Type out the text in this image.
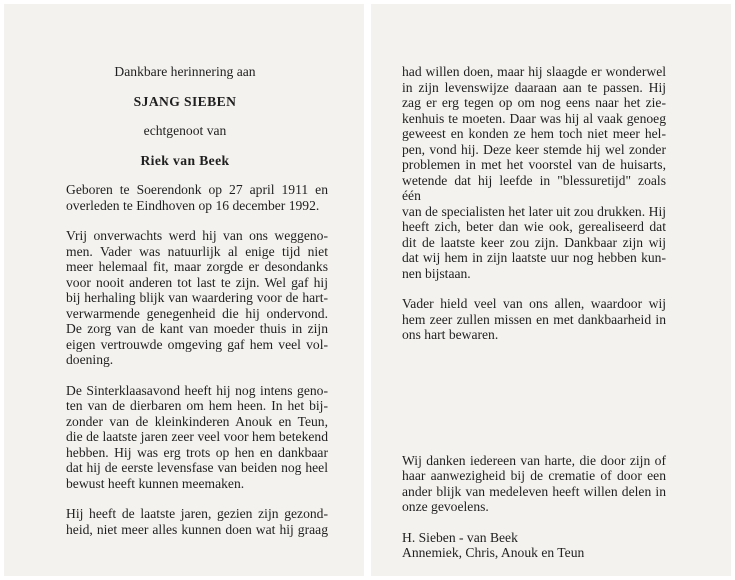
Dankbare herinnering aan
SJANG SIEBEN
echtgenoot van
Riek van Beek
Geboren te Soerendonk op 27 april 1911 en
overleden te Eindhoven op 16 december 1992.
Vrij onverwachts werd hij van ons weggeno-
men. Vader was natuurlijk al enige tijd niet
meer helemaal fit, maar zorgde er desondanks
voor nooit anderen tot last te zijn. Wel gaf hij
bij herhaling blijk van waardering voor de hart-
verwarmende genegenheid die hij ondervond.
De zorg van de kant van moeder thuis in zijn
eigen vertrouwde omgeving gaf hem veel vol-
doening.
De Sinterklaasavond heeft hij nog intens geno-
ten van de dierbaren om hem heen. In het bij-
zonder van de kleinkinderen Anouk en Teun,
die de laatste jaren zeer veel voor hem betekend
hebben. Hij was erg trots op hen en dankbaar
dat hij de eerste levensfase van beiden nog heel
bewust heeft kunnen meemaken.
Hij heeft de laatste jaren, gezien zijn gezond-
heid, niet meer alles kunnen doen wat hij graag
had willen doen, maar hij slaagde er wonderwel
in zijn levenswijze daaraan aan te passen. Hij
zag er erg tegen op om nog eens naar het zie-
kenhuis te moeten. Daar was hij al vaak genoeg
geweest en konden ze hem toch niet meer hel-
pen, vond hij. Deze keer stemde hij wel zonder
problemen in met het voorstel van de huisarts,
wetende dat hij leefde in "blessuretijd" zoals één
van de specialisten het later uit zou drukken. Hij
heeft zich, beter dan wie ook, gerealiseerd dat
dit de laatste keer zou zijn. Dankbaar zijn wij
dat wij hem in zijn laatste uur nog hebben kun-
nen bijstaan.
Vader hield veel van ons allen, waardoor wij
hem zeer zullen missen en met dankbaarheid in
ons hart bewaren.
Wij danken iedereen van harte, die door zijn of
haar aanwezigheid bij de crematie of door een
ander blijk van medeleven heeft willen delen in
onze gevoelens.
H. Sieben - van Beek
Annemiek, Chris, Anouk en Teun
